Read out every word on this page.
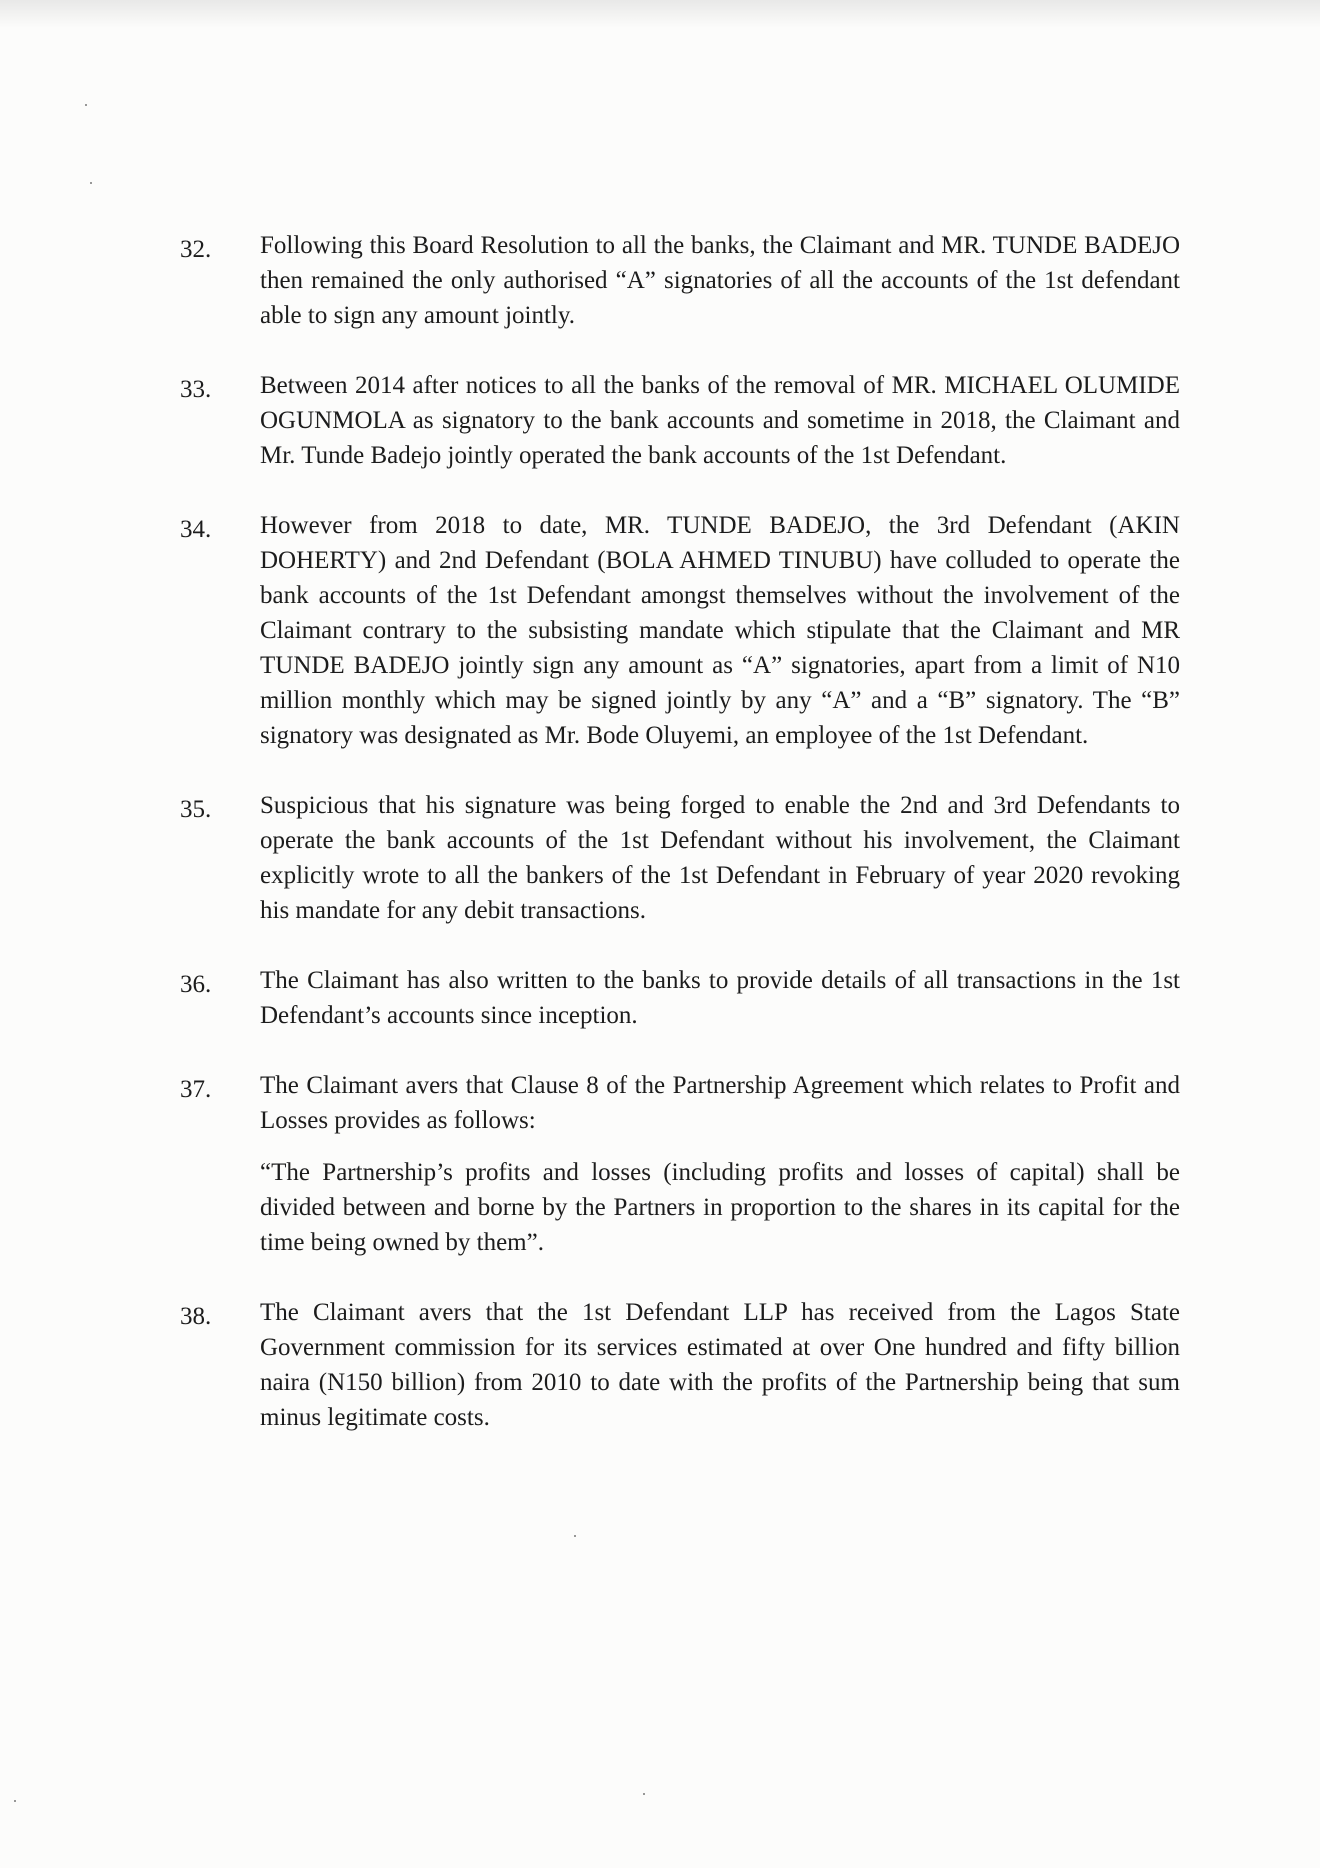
32.	Following this Board Resolution to all the banks, the Claimant and MR. TUNDE BADEJO then remained the only authorised “A” signatories of all the accounts of the 1st defendant able to sign any amount jointly.
33.	Between 2014 after notices to all the banks of the removal of MR. MICHAEL OLUMIDE OGUNMOLA as signatory to the bank accounts and sometime in 2018, the Claimant and Mr. Tunde Badejo jointly operated the bank accounts of the 1st Defendant.
34.	However from 2018 to date, MR. TUNDE BADEJO, the 3rd Defendant (AKIN DOHERTY) and 2nd Defendant (BOLA AHMED TINUBU) have colluded to operate the bank accounts of the 1st Defendant amongst themselves without the involvement of the Claimant contrary to the subsisting mandate which stipulate that the Claimant and MR TUNDE BADEJO jointly sign any amount as “A” signatories, apart from a limit of N10 million monthly which may be signed jointly by any “A” and a “B” signatory. The “B” signatory was designated as Mr. Bode Oluyemi, an employee of the 1st Defendant.
35.	Suspicious that his signature was being forged to enable the 2nd and 3rd Defendants to operate the bank accounts of the 1st Defendant without his involvement, the Claimant explicitly wrote to all the bankers of the 1st Defendant in February of year 2020 revoking his mandate for any debit transactions.
36.	The Claimant has also written to the banks to provide details of all transactions in the 1st Defendant’s accounts since inception.
37.	The Claimant avers that Clause 8 of the Partnership Agreement which relates to Profit and Losses provides as follows:
“The Partnership’s profits and losses (including profits and losses of capital) shall be divided between and borne by the Partners in proportion to the shares in its capital for the time being owned by them”.
38.	The Claimant avers that the 1st Defendant LLP has received from the Lagos State Government commission for its services estimated at over One hundred and fifty billion naira (N150 billion) from 2010 to date with the profits of the Partnership being that sum minus legitimate costs.
